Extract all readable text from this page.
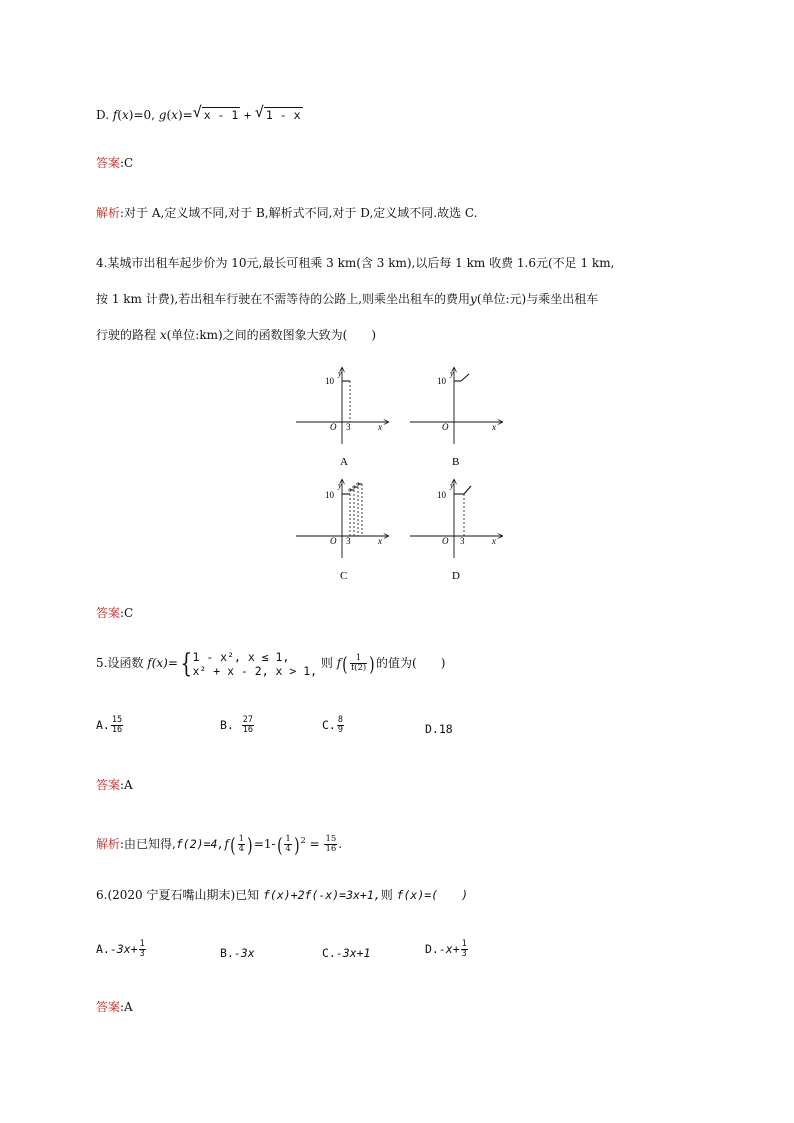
D. f(x)=0, g(x)= √ x - 1 + √ 1 - x
答案:C
解析:对于 A,定义域不同,对于 B,解析式不同,对于 D,定义域不同.故选 C.
4.某城市出租车起步价为 10元,最长可租乘 3 km(含 3 km),以后每 1 km 收费 1.6元(不足 1 km,
按 1 km 计费),若出租车行驶在不需等待的公路上,则乘坐出租车的费用y(单位:元)与乘坐出租车
行驶的路程 x(单位:km)之间的函数图象大致为(　　)
y
10
O 3	x
A
y
10
O	x
B
y
10
O 3	x
C
y
10
O 3	x
D
答案:C
5.设函数 f(x)={ 1 - x², x ≤ 1,
x² + x - 2, x > 1,
则 $f( \frac{1}{f(2)}$ )的值为(　　)
A. $\frac{15}{16}$	B. $\frac{27}{16}$	C. $\frac{8}{9}$	D.18
答案:A
解析:由已知得$,f(2)=4,f( \frac{1}{4} )=1-( \frac{1}{4} )^2 = \frac{15}{16}$ .
6.(2020 宁夏石嘴山期末)已知 f(x)+2f(-x)=3x+1,则 f(x)=(　　)
$A.-3x+ \frac{1}{3}$	B.-3x	C.-3x+1	$D.-x+ \frac{1}{3}$
答案:A
